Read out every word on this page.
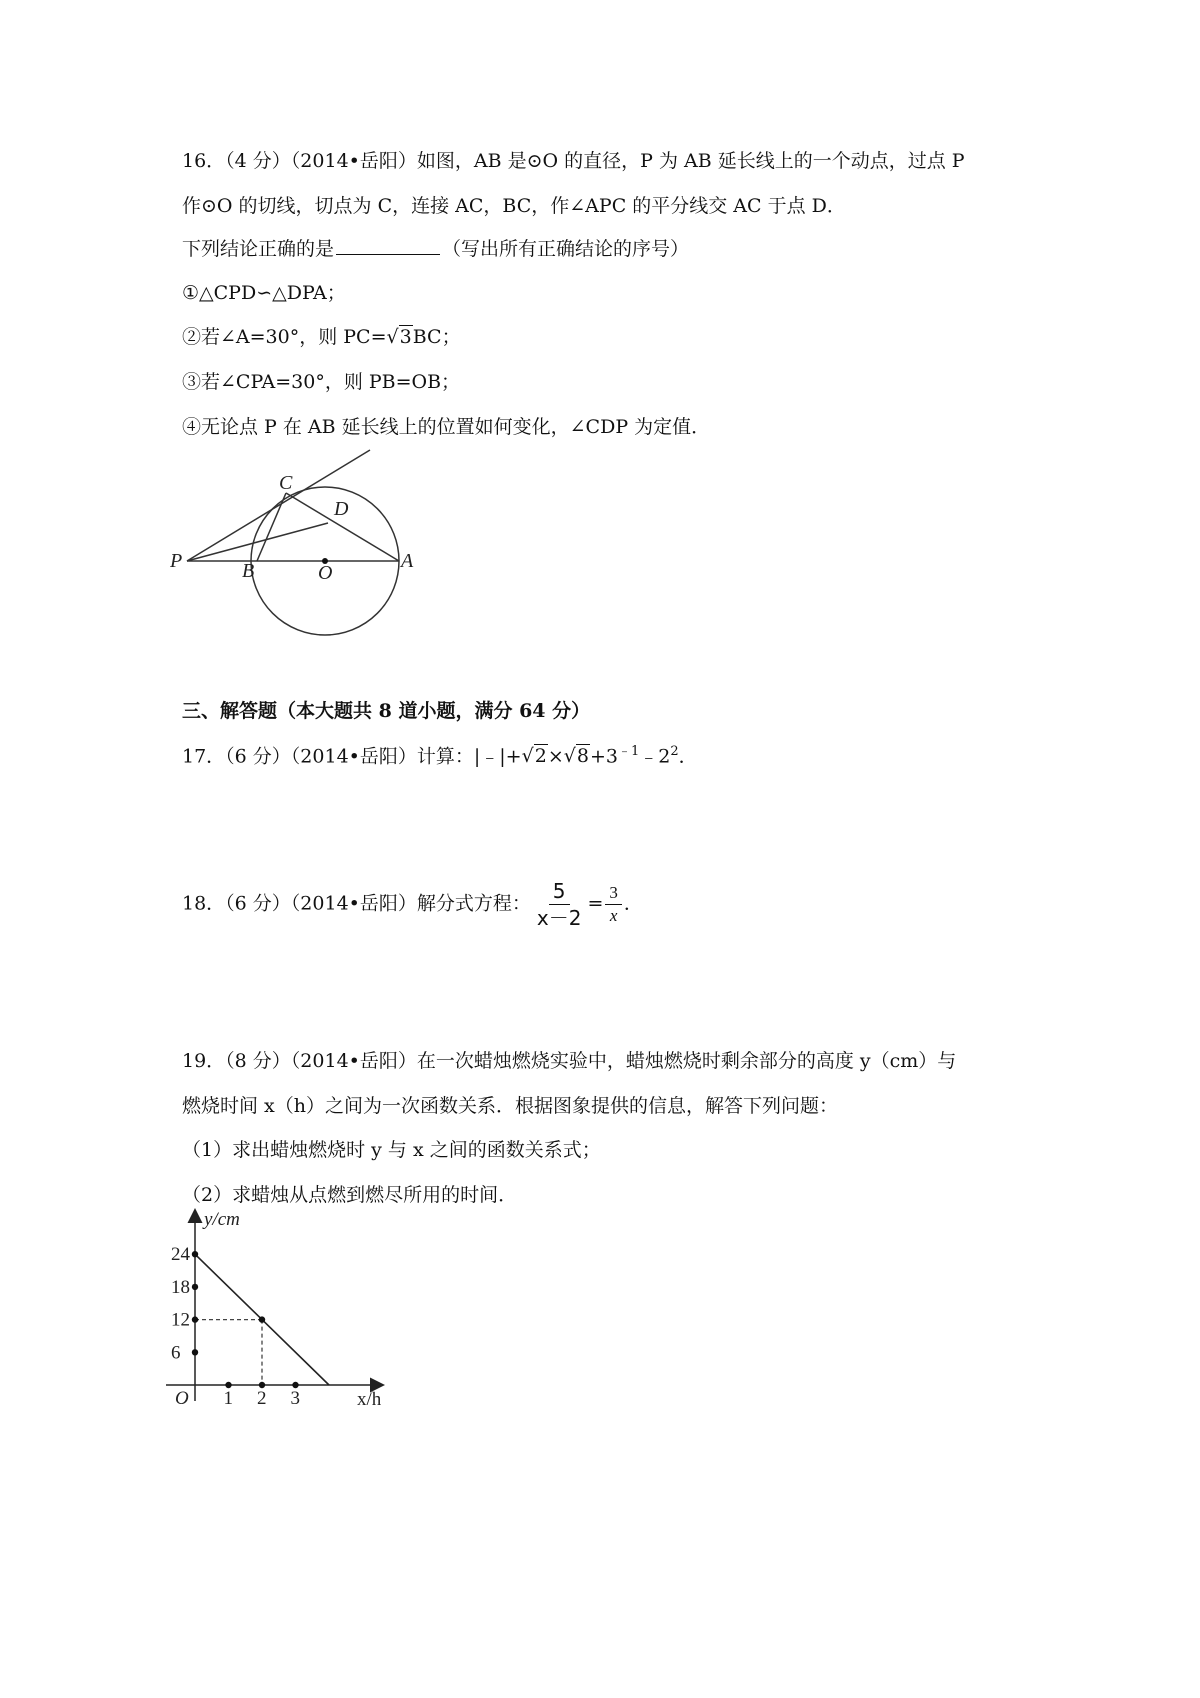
16．（4 分）（2014•岳阳）如图，AB 是⊙O 的直径，P 为 AB 延长线上的一个动点，过点 P
作⊙O 的切线，切点为 C，连接 AC，BC，作∠APC 的平分线交 AC 于点 D．
下列结论正确的是	（写出所有正确结论的序号）
①△CPD∽△DPA；
②若∠A=30°，则 PC=√3BC；
③若∠CPA=30°，则 PB=OB；
④无论点 P 在 AB 延长线上的位置如何变化，∠CDP 为定值．
C
D
P	B	O
A
三、解答题（本大题共 8 道小题，满分 64 分）
17．（6 分）（2014•岳阳）计算：$|﹣|+√2\times√8+3^{﹣1}﹣2^2$．
18．（6 分）（2014•岳阳）解分式方程： $\frac{5}{x-2} = \frac{3}{x}$ ．
19．（8 分）（2014•岳阳）在一次蜡烛燃烧实验中，蜡烛燃烧时剩余部分的高度 y（cm）与
燃烧时间 x（h）之间为一次函数关系．根据图象提供的信息，解答下列问题：
（1）求出蜡烛燃烧时 y 与 x 之间的函数关系式；
（2）求蜡烛从点燃到燃尽所用的时间．
6
12
18
24
1 2 3
y/cm
x/h
O
